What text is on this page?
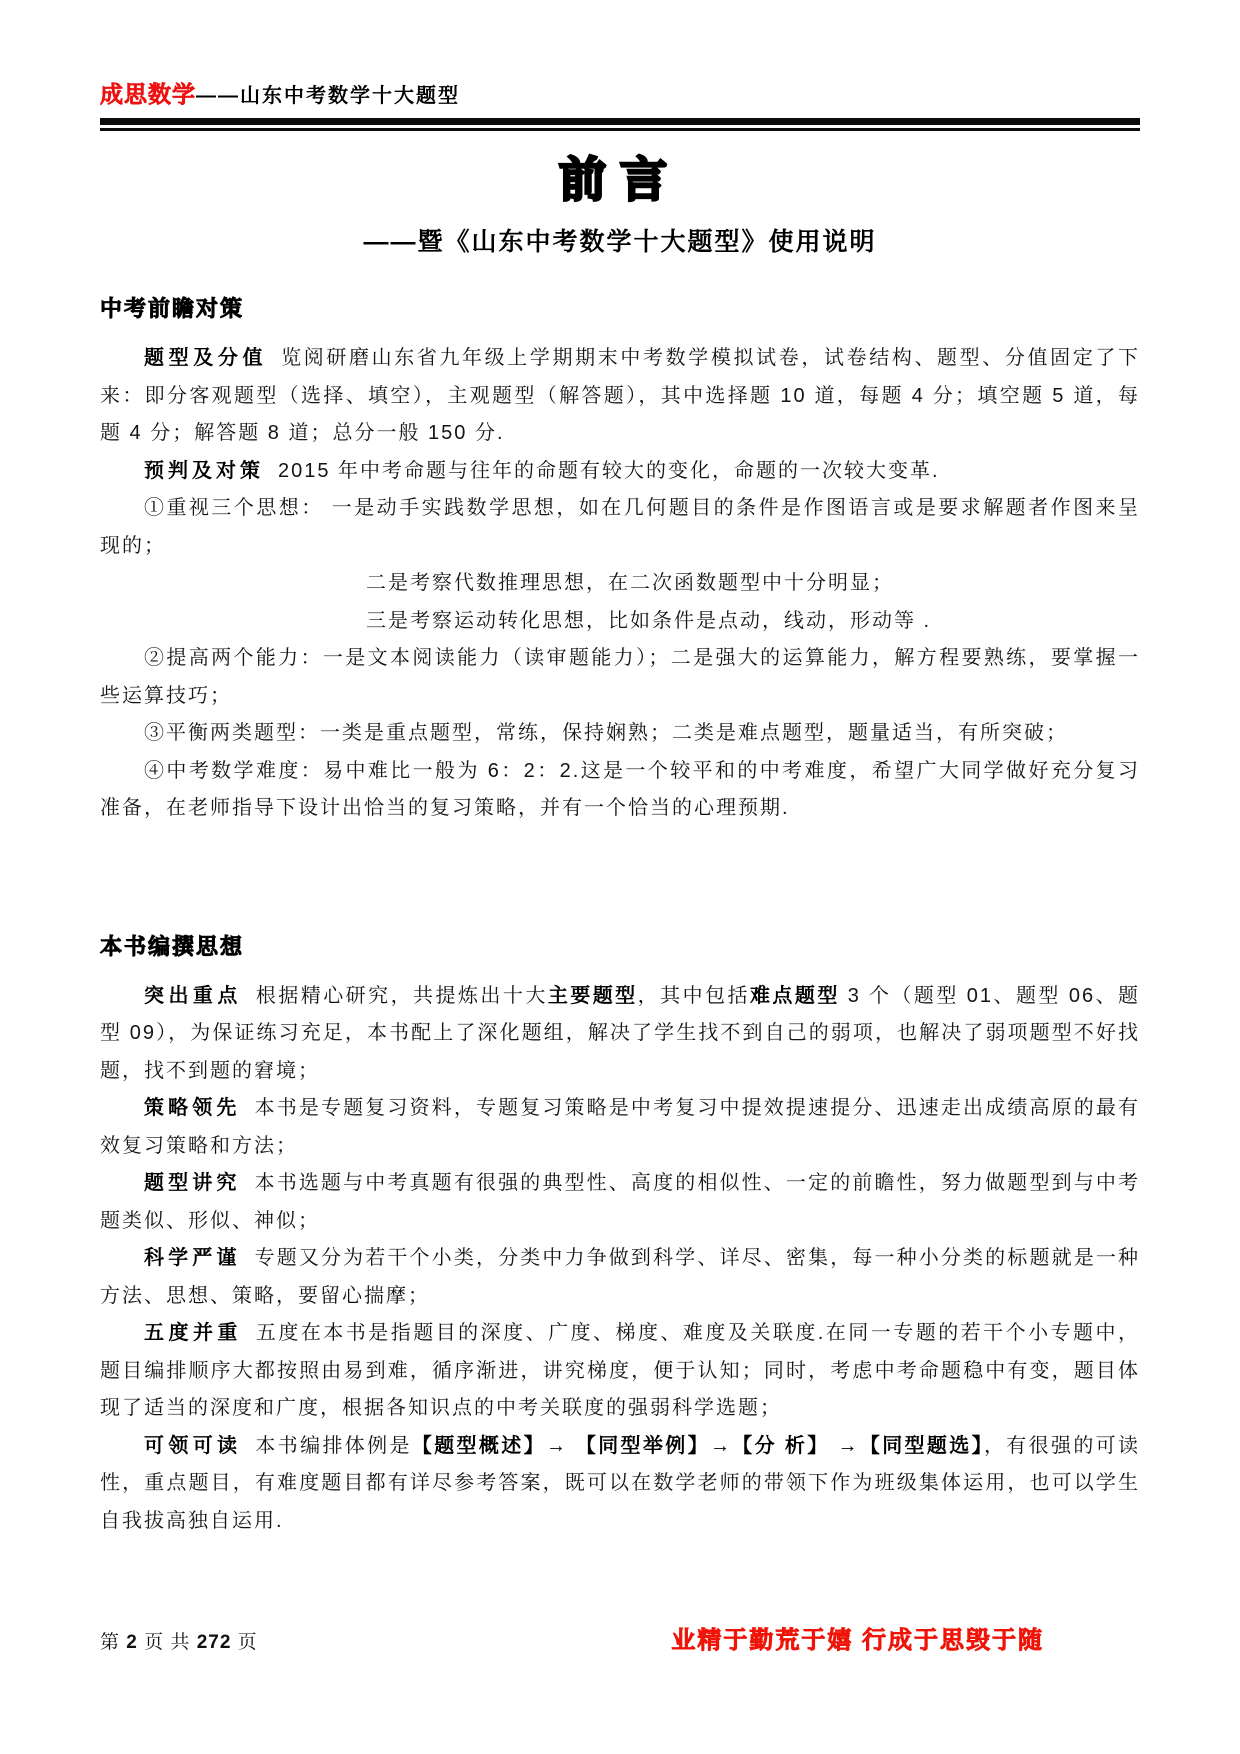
成思数学 ——山东中考数学十大题型
前言
——暨《山东中考数学十大题型》使用说明
中考前瞻对策

题型及分值 览阅研磨山东省九年级上学期期末中考数学模拟试卷，试卷结构、题型、分值固定了下来：即分客观题型（选择、填空），主观题型（解答题），其中选择题 10 道，每题 4 分；填空题 5 道，每题 4 分；解答题 8 道；总分一般 150 分.

预判及对策 2015 年中考命题与往年的命题有较大的变化，命题的一次较大变革.

①重视三个思想： 一是动手实践数学思想，如在几何题目的条件是作图语言或是要求解题者作图来呈现的；

二是考察代数推理思想，在二次函数题型中十分明显；

三是考察运动转化思想，比如条件是点动，线动，形动等 .

②提高两个能力：一是文本阅读能力（读审题能力）；二是强大的运算能力，解方程要熟练，要掌握一些运算技巧；

③平衡两类题型：一类是重点题型，常练，保持娴熟；二类是难点题型，题量适当，有所突破；

④中考数学难度：易中难比一般为 6：2：2.这是一个较平和的中考难度，希望广大同学做好充分复习准备，在老师指导下设计出恰当的复习策略，并有一个恰当的心理预期.

本书编撰思想

突出重点 根据精心研究，共提炼出十大主要题型，其中包括难点题型 3 个（题型 01、题型 06、题型 09），为保证练习充足，本书配上了深化题组，解决了学生找不到自己的弱项，也解决了弱项题型不好找题，找不到题的窘境；

策略领先 本书是专题复习资料，专题复习策略是中考复习中提效提速提分、迅速走出成绩高原的最有效复习策略和方法；

题型讲究 本书选题与中考真题有很强的典型性、高度的相似性、一定的前瞻性，努力做题型到与中考题类似、形似、神似；

科学严谨 专题又分为若干个小类，分类中力争做到科学、详尽、密集，每一种小分类的标题就是一种方法、思想、策略，要留心揣摩；

五度并重 五度在本书是指题目的深度、广度、梯度、难度及关联度.在同一专题的若干个小专题中，题目编排顺序大都按照由易到难，循序渐进，讲究梯度，便于认知；同时，考虑中考命题稳中有变，题目体现了适当的深度和广度，根据各知识点的中考关联度的强弱科学选题；

可领可读 本书编排体例是【题型概述】→ 【同型举例】→【分 析】 →【同型题选】，有很强的可读性，重点题目，有难度题目都有详尽参考答案，既可以在数学老师的带领下作为班级集体运用，也可以学生自我拔高独自运用.

第 2 页 共 272 页	业精于勤荒于嬉 行成于思毁于随
